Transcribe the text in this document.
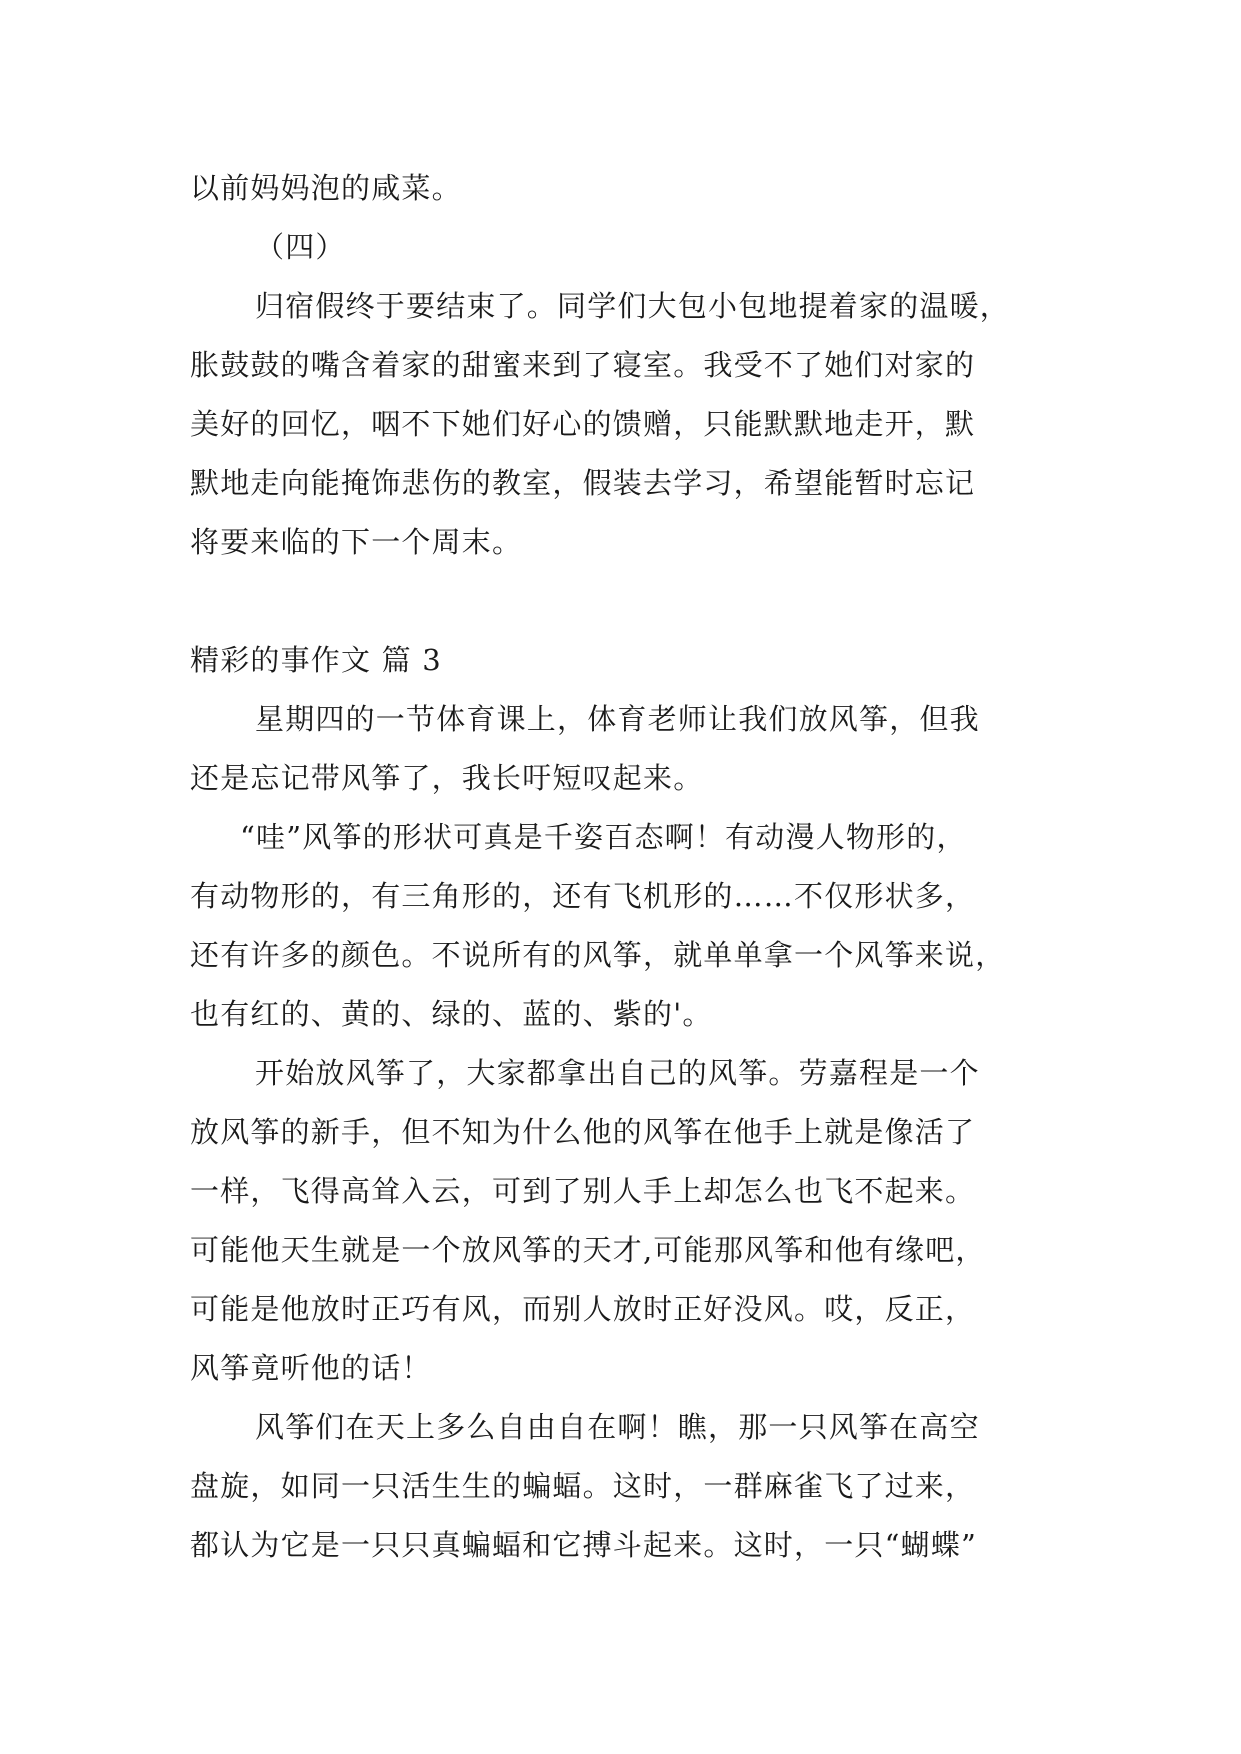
以前妈妈泡的咸菜。
（四）
归宿假终于要结束了。同学们大包小包地提着家的温暖，
胀鼓鼓的嘴含着家的甜蜜来到了寝室。我受不了她们对家的
美好的回忆，咽不下她们好心的馈赠，只能默默地走开，默
默地走向能掩饰悲伤的教室，假装去学习，希望能暂时忘记
将要来临的下一个周末。
精彩的事作文 篇 3
星期四的一节体育课上，体育老师让我们放风筝，但我
还是忘记带风筝了，我长吁短叹起来。
“哇”风筝的形状可真是千姿百态啊！有动漫人物形的，
有动物形的，有三角形的，还有飞机形的……不仅形状多，
还有许多的颜色。不说所有的风筝，就单单拿一个风筝来说，
也有红的、黄的、绿的、蓝的、紫的'。
开始放风筝了，大家都拿出自己的风筝。劳嘉程是一个
放风筝的新手，但不知为什么他的风筝在他手上就是像活了
一样，飞得高耸入云，可到了别人手上却怎么也飞不起来。
可能他天生就是一个放风筝的天才,可能那风筝和他有缘吧，
可能是他放时正巧有风，而别人放时正好没风。哎，反正，
风筝竟听他的话！
风筝们在天上多么自由自在啊！瞧，那一只风筝在高空
盘旋，如同一只活生生的蝙蝠。这时，一群麻雀飞了过来，
都认为它是一只只真蝙蝠和它搏斗起来。这时，一只“蝴蝶”
